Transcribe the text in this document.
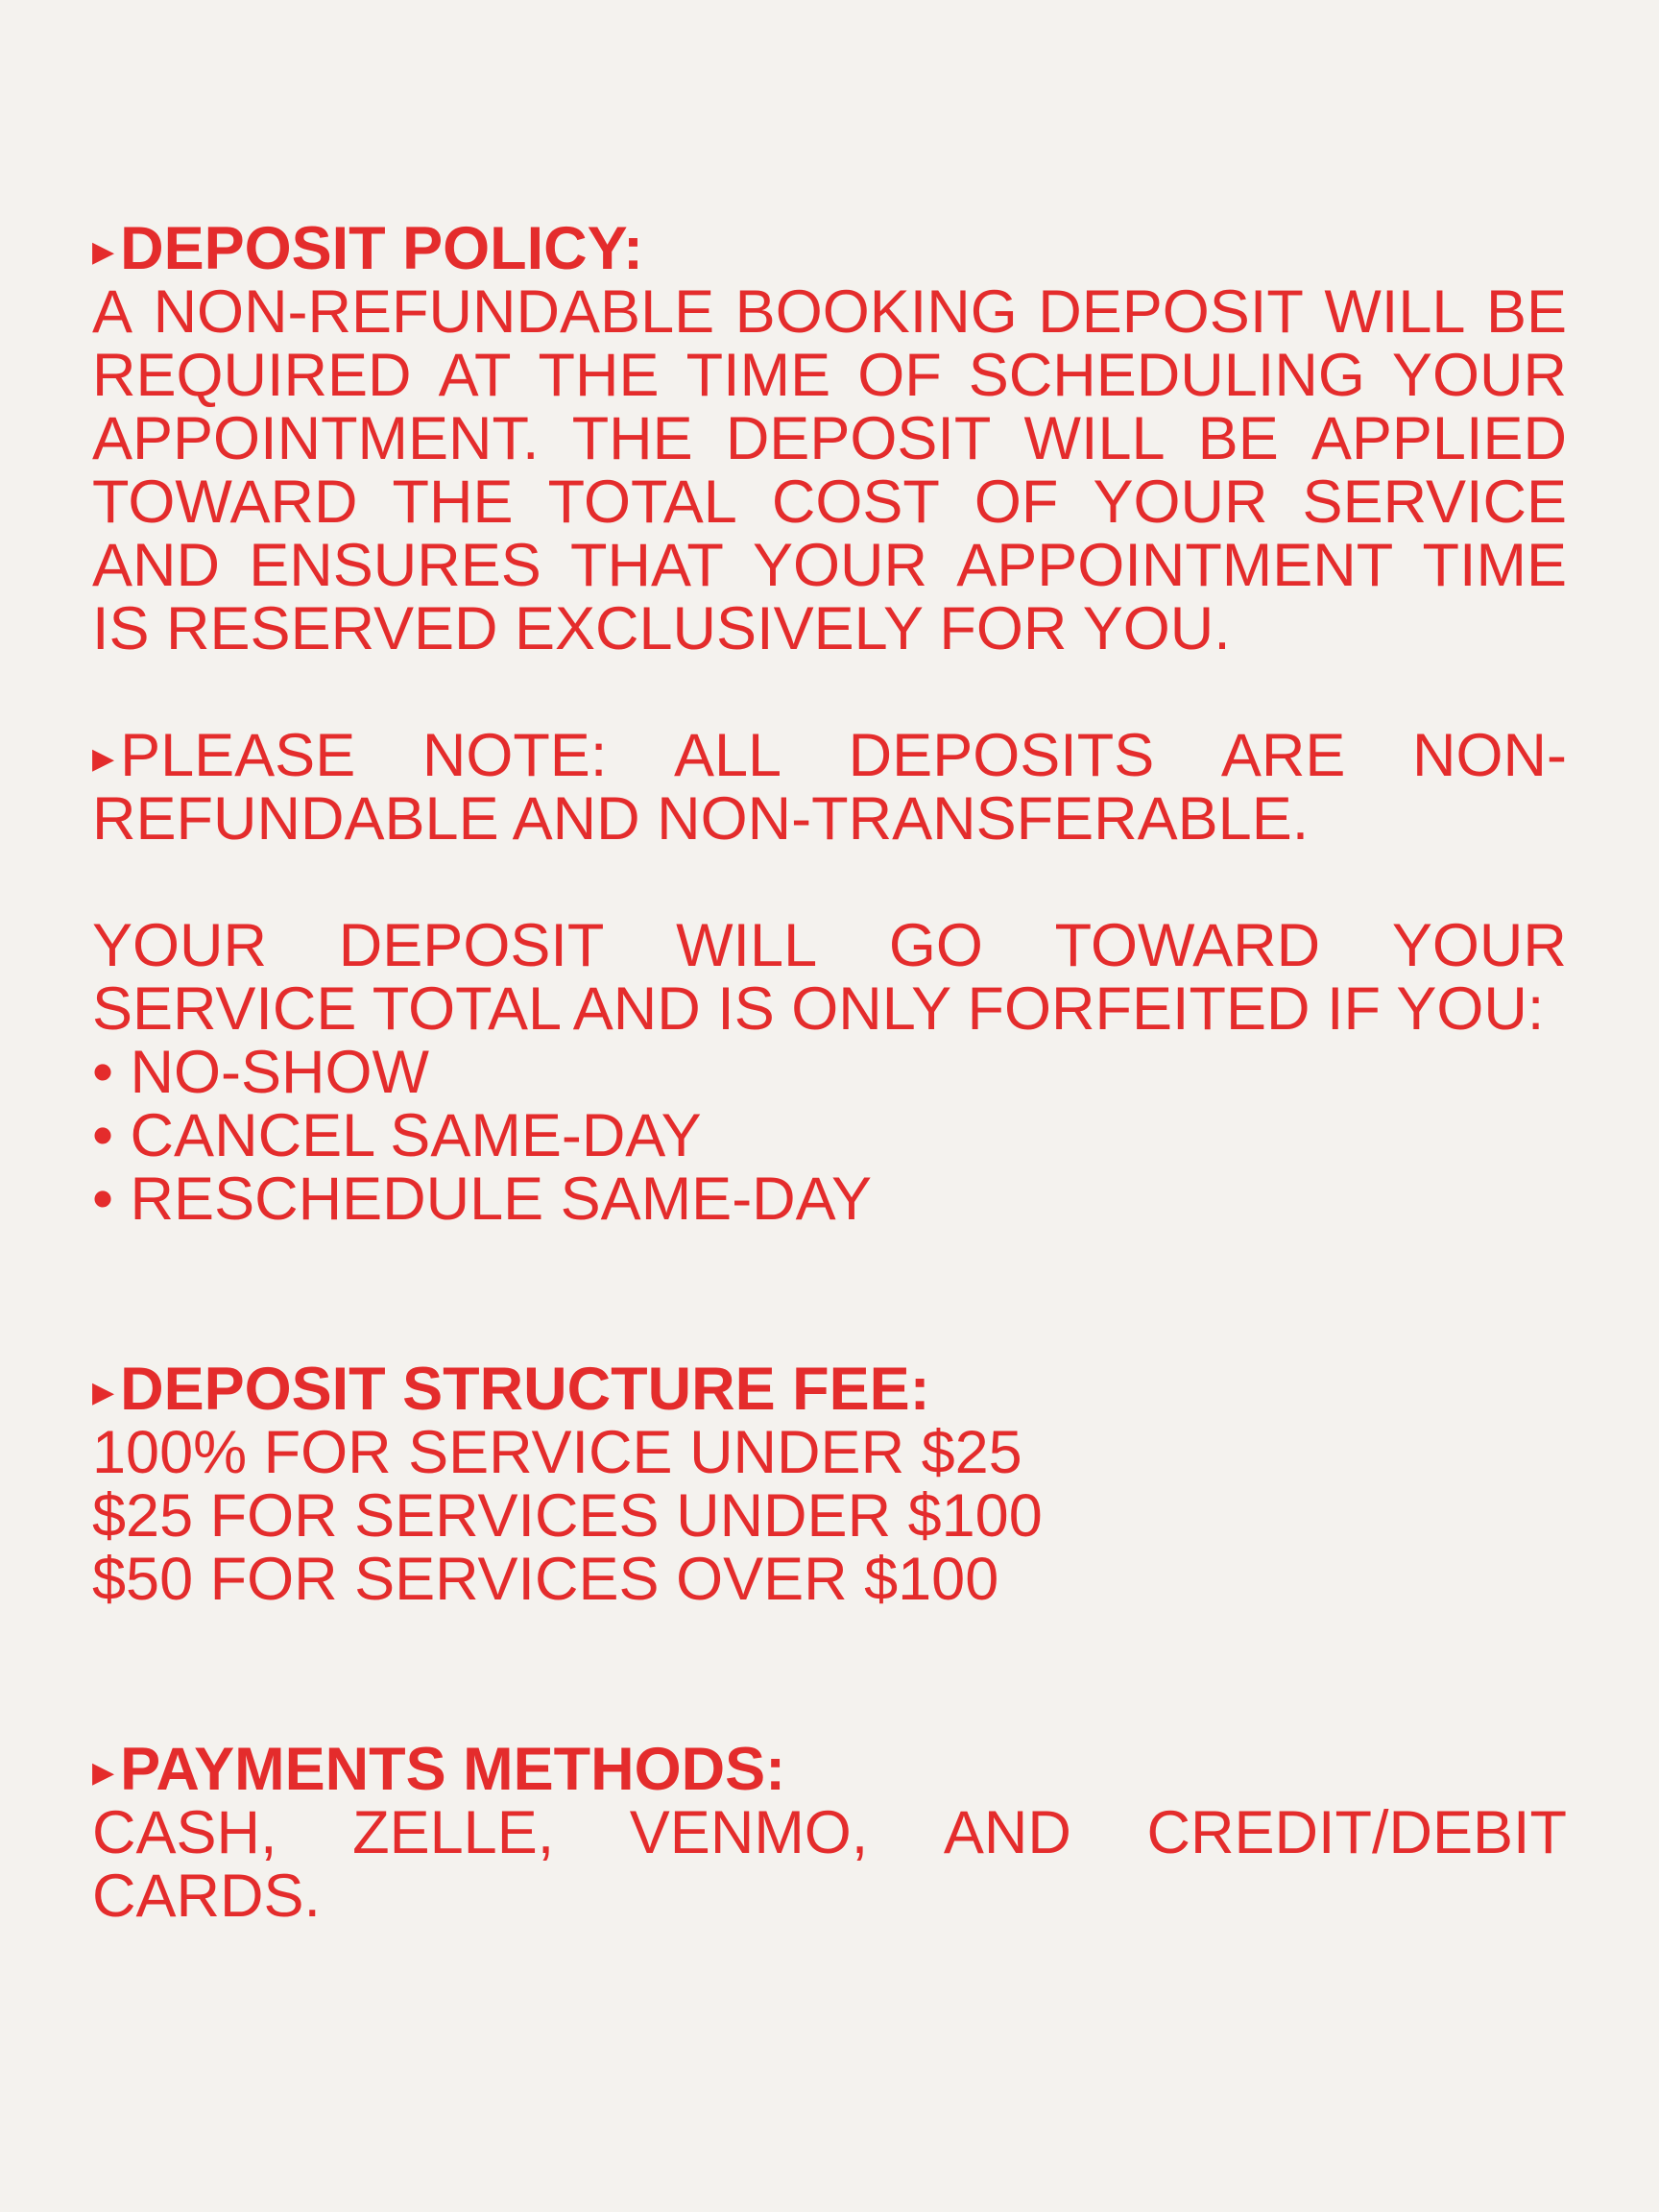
▶DEPOSIT POLICY:
A NON-REFUNDABLE BOOKING DEPOSIT WILL BE
REQUIRED AT THE TIME OF SCHEDULING YOUR
APPOINTMENT. THE DEPOSIT WILL BE APPLIED
TOWARD THE TOTAL COST OF YOUR SERVICE
AND ENSURES THAT YOUR APPOINTMENT TIME
IS RESERVED EXCLUSIVELY FOR YOU.
▶PLEASE NOTE: ALL DEPOSITS ARE NON-
REFUNDABLE AND NON-TRANSFERABLE.
YOUR DEPOSIT WILL GO TOWARD YOUR
SERVICE TOTAL AND IS ONLY FORFEITED IF YOU:
• NO-SHOW
• CANCEL SAME-DAY
• RESCHEDULE SAME-DAY
▶DEPOSIT STRUCTURE FEE:
100% FOR SERVICE UNDER $25
$25 FOR SERVICES UNDER $100
$50 FOR SERVICES OVER $100
▶PAYMENTS METHODS:
CASH, ZELLE, VENMO, AND CREDIT/DEBIT
CARDS.
